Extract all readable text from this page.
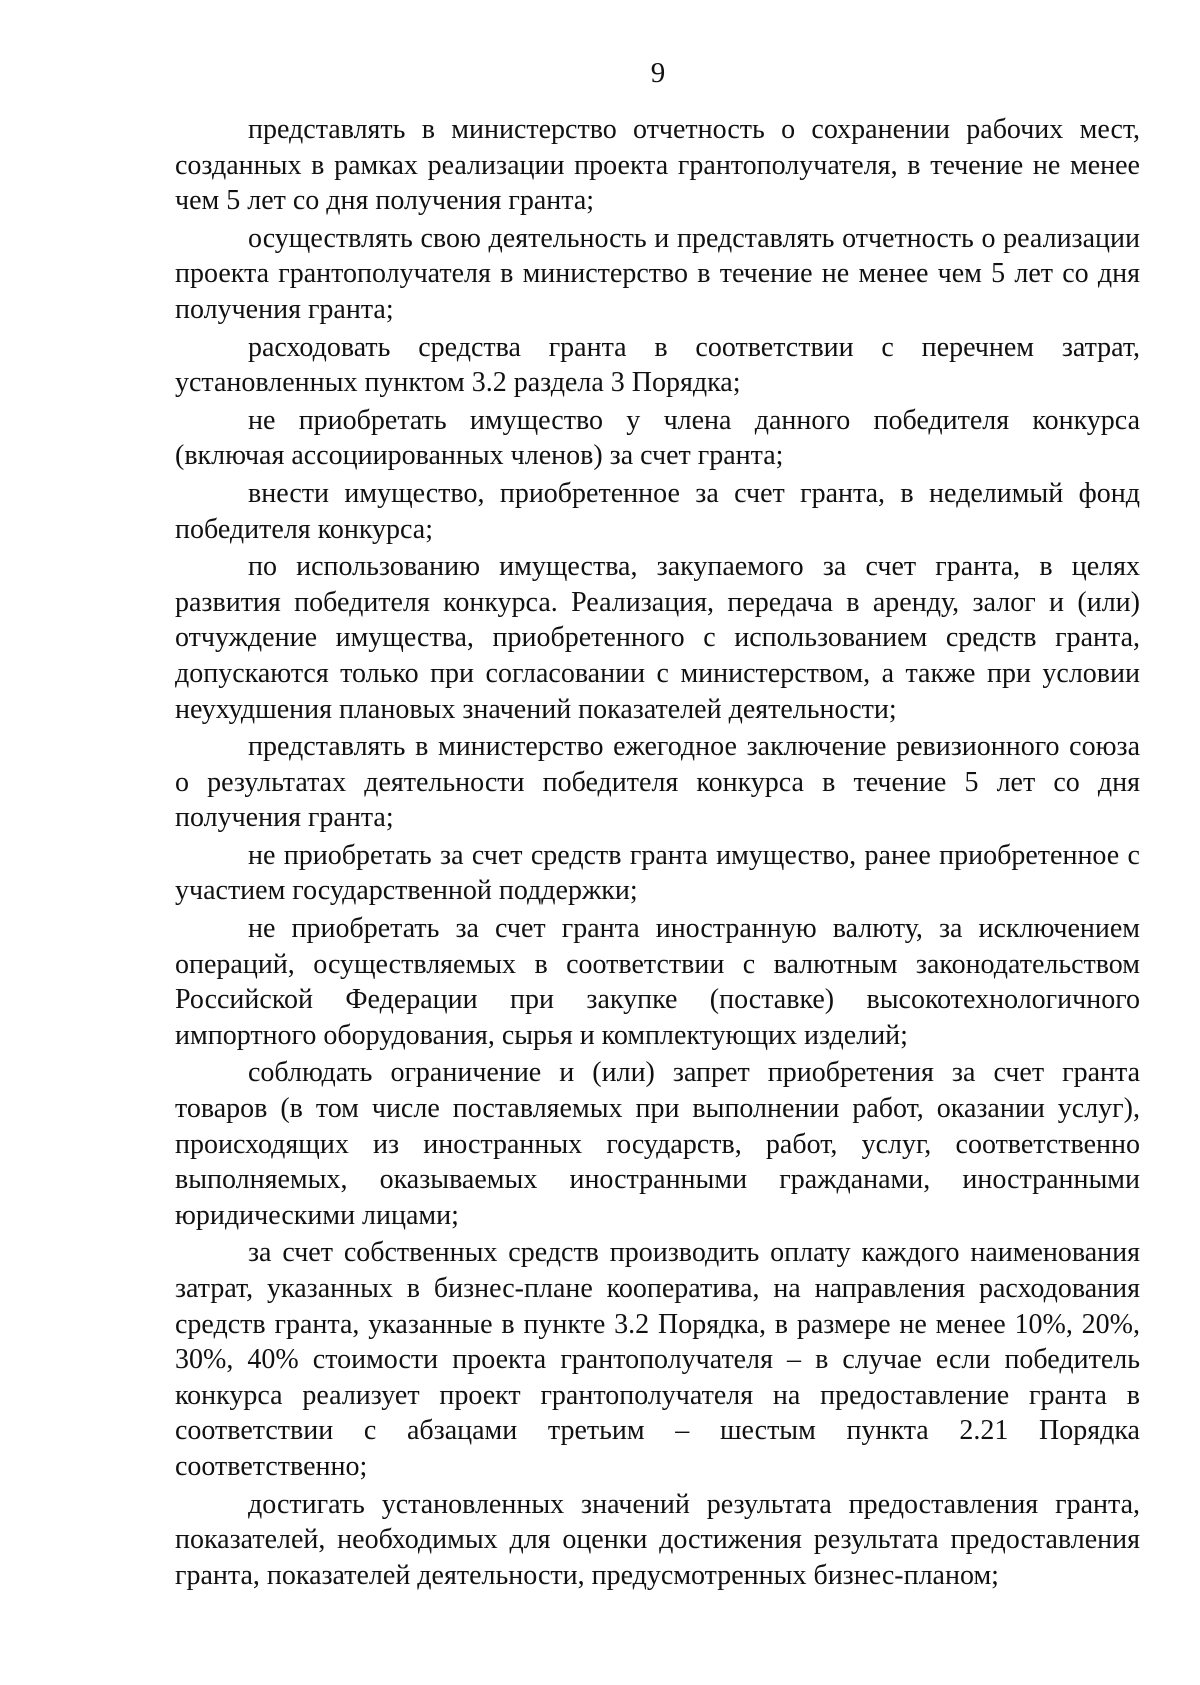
9

представлять в министерство отчетность о сохранении рабочих мест, созданных в рамках реализации проекта грантополучателя, в течение не менее чем 5 лет со дня получения гранта;

осуществлять свою деятельность и представлять отчетность о реализации проекта грантополучателя в министерство в течение не менее чем 5 лет со дня получения гранта;

расходовать средства гранта в соответствии с перечнем затрат, установленных пунктом 3.2 раздела 3 Порядка;

не приобретать имущество у члена данного победителя конкурса (включая ассоциированных членов) за счет гранта;

внести имущество, приобретенное за счет гранта, в неделимый фонд победителя конкурса;

по использованию имущества, закупаемого за счет гранта, в целях развития победителя конкурса. Реализация, передача в аренду, залог и (или) отчуждение имущества, приобретенного с использованием средств гранта, допускаются только при согласовании с министерством, а также при условии неухудшения плановых значений показателей деятельности;

представлять в министерство ежегодное заключение ревизионного союза о результатах деятельности победителя конкурса в течение 5 лет со дня получения гранта;

не приобретать за счет средств гранта имущество, ранее приобретенное с участием государственной поддержки;

не приобретать за счет гранта иностранную валюту, за исключением операций, осуществляемых в соответствии с валютным законодательством Российской Федерации при закупке (поставке) высокотехнологичного импортного оборудования, сырья и комплектующих изделий;

соблюдать ограничение и (или) запрет приобретения за счет гранта товаров (в том числе поставляемых при выполнении работ, оказании услуг), происходящих из иностранных государств, работ, услуг, соответственно выполняемых, оказываемых иностранными гражданами, иностранными юридическими лицами;

за счет собственных средств производить оплату каждого наименования затрат, указанных в бизнес-плане кооператива, на направления расходования средств гранта, указанные в пункте 3.2 Порядка, в размере не менее 10%, 20%, 30%, 40% стоимости проекта грантополучателя – в случае если победитель конкурса реализует проект грантополучателя на предоставление гранта в соответствии с абзацами третьим – шестым пункта 2.21 Порядка соответственно;

достигать установленных значений результата предоставления гранта, показателей, необходимых для оценки достижения результата предоставления гранта, показателей деятельности, предусмотренных бизнес-планом;
